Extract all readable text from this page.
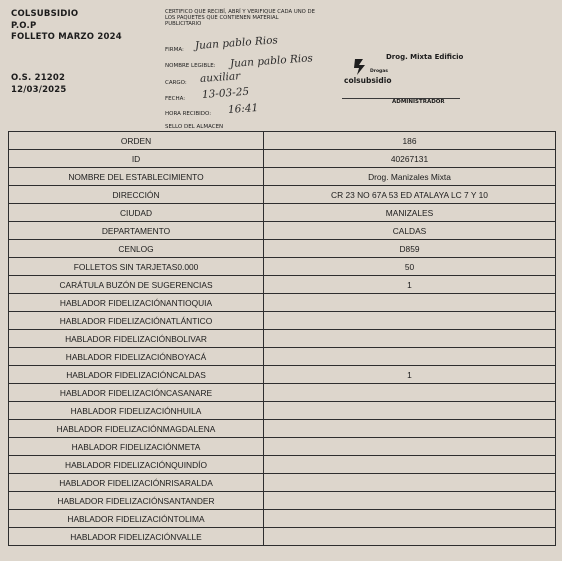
COLSUBSIDIO
P.O.P
FOLLETO MARZO 2024
O.S. 21202
12/03/2025
CERTIFICO QUE RECIBÍ, ABRÍ Y VERIFIQUE CADA UNO DE LOS PAQUETES QUE CONTIENEN MATERIAL PUBLICITARIO
FIRMA: Juan pablo Rios
NOMBRE LEGIBLE: Juan pablo Rios
CARGO: auxiliar
FECHA: 13-03-25
HORA RECIBIDO: 16:41
SELLO DEL ALMACEN
Drog. Mixta Edificio
Drogas
colsubsidio
ADMINISTRADOR
ORDEN	186
ID	40267131
NOMBRE DEL ESTABLECIMIENTO	Drog. Manizales Mixta
DIRECCIÓN	CR 23 NO 67A 53 ED ATALAYA LC 7 Y 10
CIUDAD	MANIZALES
DEPARTAMENTO	CALDAS
CENLOG	D859
FOLLETOS SIN TARJETAS0.000	50
CARÁTULA BUZÓN DE SUGERENCIAS	1
HABLADOR FIDELIZACIÓNANTIOQUIA	
HABLADOR FIDELIZACIÓNATLÁNTICO	
HABLADOR FIDELIZACIÓNBOLIVAR	
HABLADOR FIDELIZACIÓNBOYACÁ	
HABLADOR FIDELIZACIÓNCALDAS	1
HABLADOR FIDELIZACIÓNCASANARE	
HABLADOR FIDELIZACIÓNHUILA	
HABLADOR FIDELIZACIÓNMAGDALENA	
HABLADOR FIDELIZACIÓNMETA	
HABLADOR FIDELIZACIÓNQUINDÍO	
HABLADOR FIDELIZACIÓNRISARALDA	
HABLADOR FIDELIZACIÓNSANTANDER	
HABLADOR FIDELIZACIÓNTOLIMA	
HABLADOR FIDELIZACIÓNVALLE	
